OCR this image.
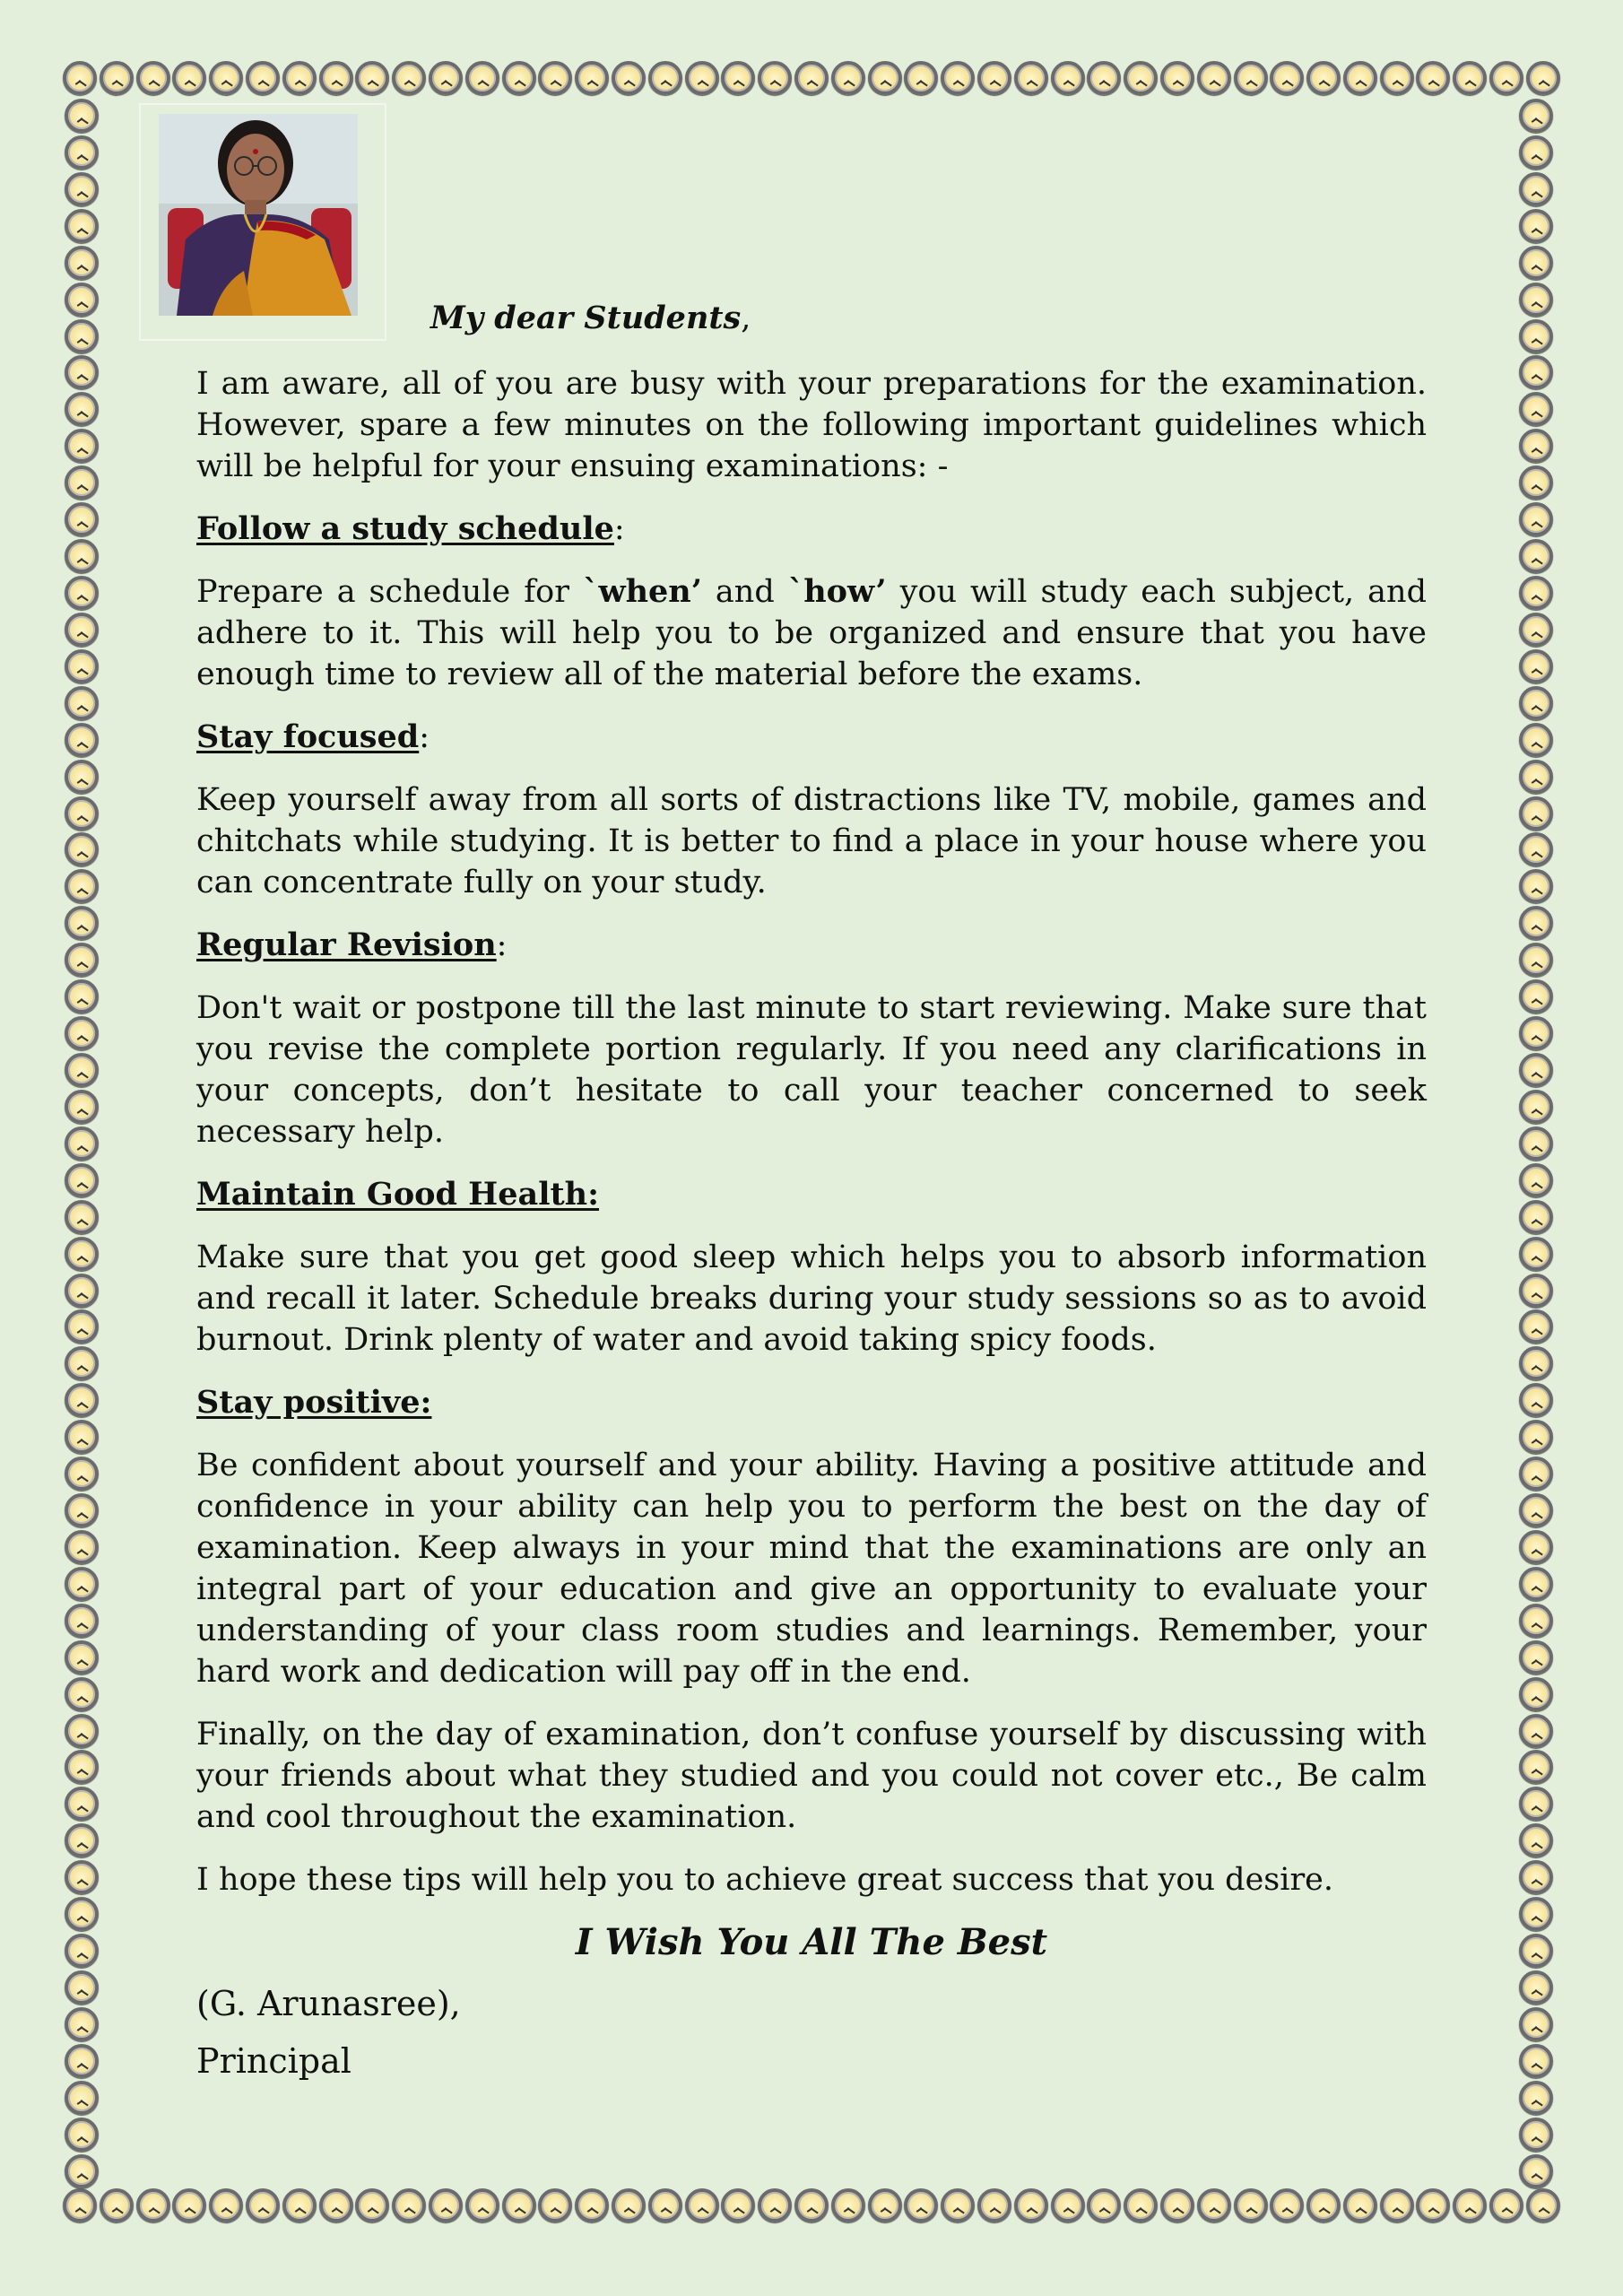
My dear Students,

I am aware, all of you are busy with your preparations for the examination. However, spare a few minutes on the following important guidelines which will be helpful for your ensuing examinations: -

Follow a study schedule:

Prepare a schedule for `when’ and `how’ you will study each subject, and adhere to it. This will help you to be organized and ensure that you have enough time to review all of the material before the exams.

Stay focused:

Keep yourself away from all sorts of distractions like TV, mobile, games and chitchats while studying. It is better to find a place in your house where you can concentrate fully on your study.

Regular Revision:

Don't wait or postpone till the last minute to start reviewing. Make sure that you revise the complete portion regularly. If you need any clarifications in your concepts, don’t hesitate to call your teacher concerned to seek necessary help.

Maintain Good Health:

Make sure that you get good sleep which helps you to absorb information and recall it later. Schedule breaks during your study sessions so as to avoid burnout. Drink plenty of water and avoid taking spicy foods.

Stay positive:

Be confident about yourself and your ability. Having a positive attitude and confidence in your ability can help you to perform the best on the day of examination. Keep always in your mind that the examinations are only an integral part of your education and give an opportunity to evaluate your understanding of your class room studies and learnings. Remember, your hard work and dedication will pay off in the end.

Finally, on the day of examination, don’t confuse yourself by discussing with your friends about what they studied and you could not cover etc., Be calm and cool throughout the examination.

I hope these tips will help you to achieve great success that you desire.

I Wish You All The Best
(G. Arunasree),
Principal
